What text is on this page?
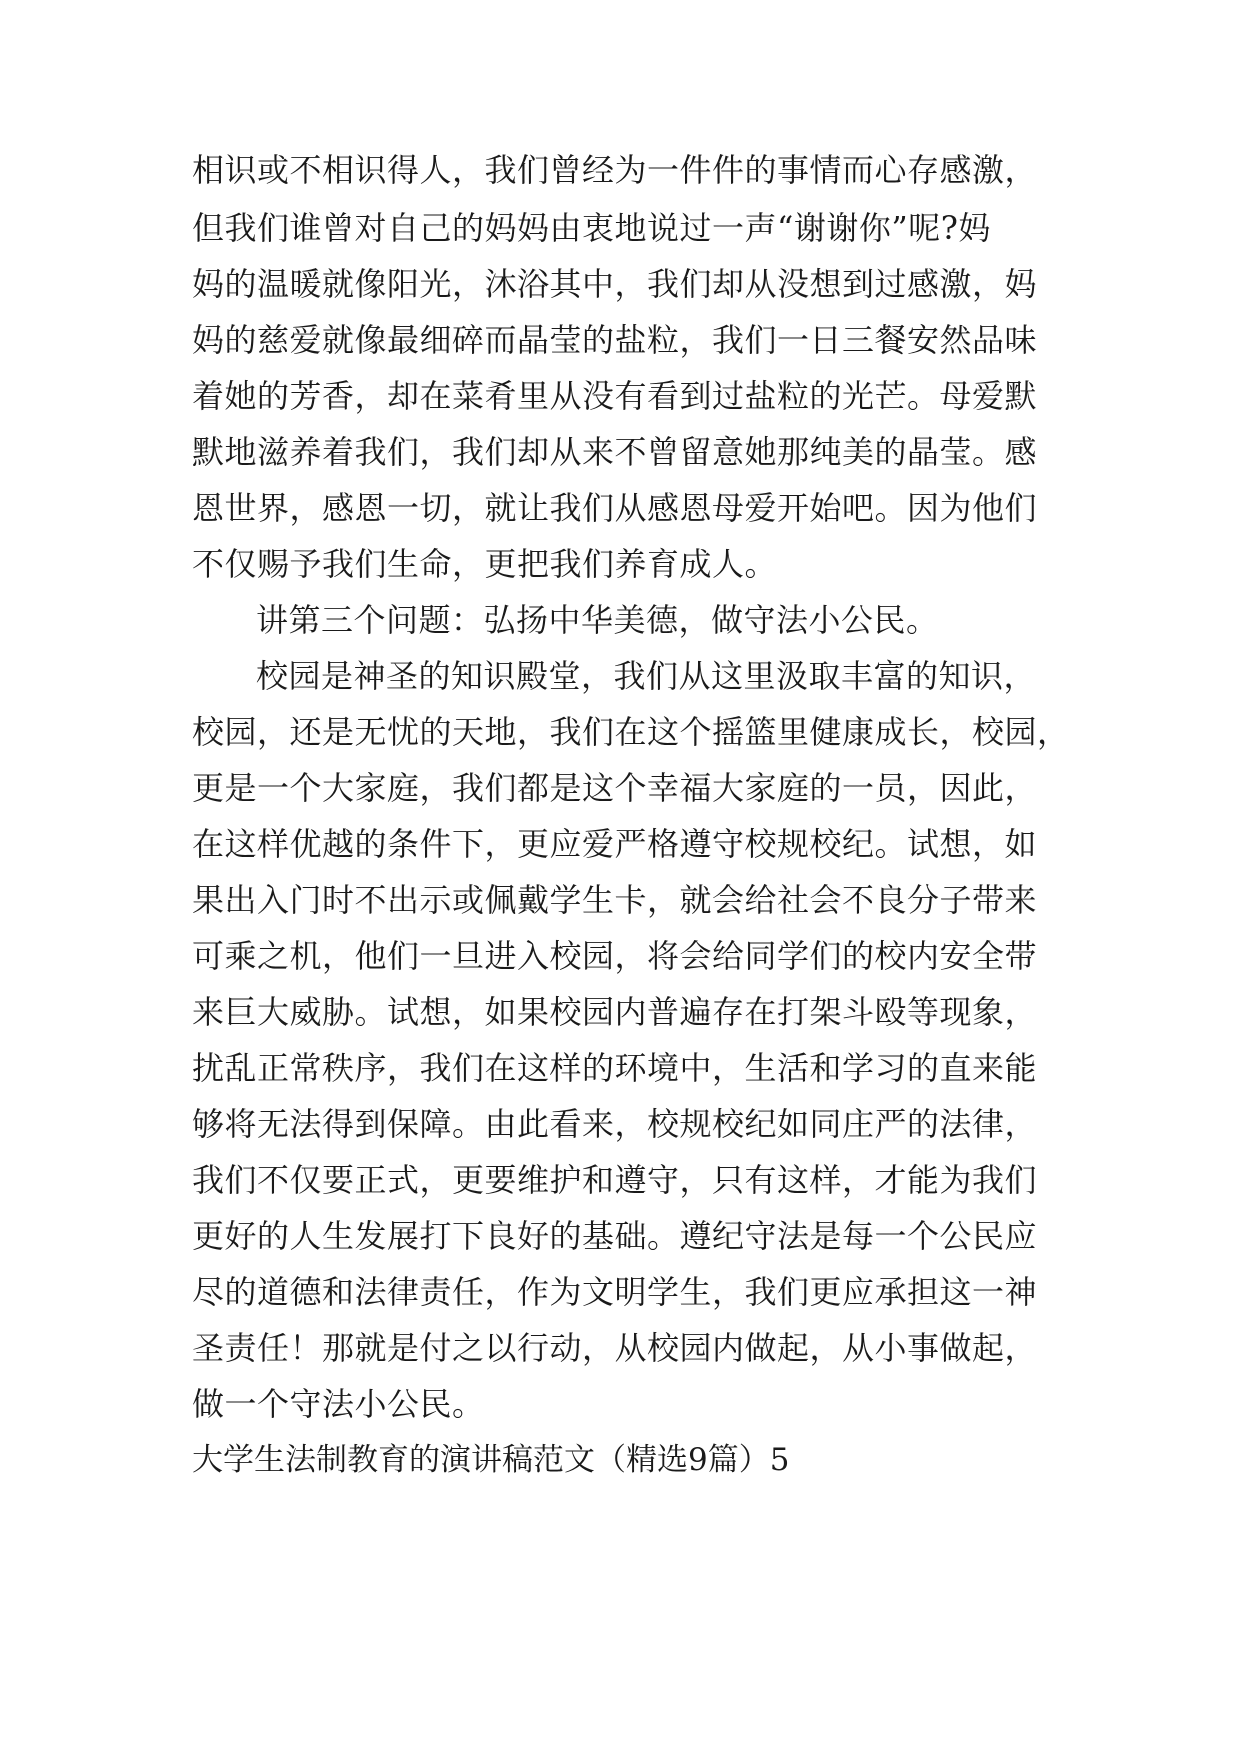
相识或不相识得人，我们曾经为一件件的事情而心存感激，
但我们谁曾对自己的妈妈由衷地说过一声“谢谢你”呢?妈
妈的温暖就像阳光，沐浴其中，我们却从没想到过感激，妈
妈的慈爱就像最细碎而晶莹的盐粒，我们一日三餐安然品味
着她的芳香，却在菜肴里从没有看到过盐粒的光芒。母爱默
默地滋养着我们，我们却从来不曾留意她那纯美的晶莹。感
恩世界，感恩一切，就让我们从感恩母爱开始吧。因为他们
不仅赐予我们生命，更把我们养育成人。
讲第三个问题：弘扬中华美德，做守法小公民。
校园是神圣的知识殿堂，我们从这里汲取丰富的知识，
校园，还是无忧的天地，我们在这个摇篮里健康成长，校园，
更是一个大家庭，我们都是这个幸福大家庭的一员，因此，
在这样优越的条件下，更应爱严格遵守校规校纪。试想，如
果出入门时不出示或佩戴学生卡，就会给社会不良分子带来
可乘之机，他们一旦进入校园，将会给同学们的校内安全带
来巨大威胁。试想，如果校园内普遍存在打架斗殴等现象，
扰乱正常秩序，我们在这样的环境中，生活和学习的直来能
够将无法得到保障。由此看来，校规校纪如同庄严的法律，
我们不仅要正式，更要维护和遵守，只有这样，才能为我们
更好的人生发展打下良好的基础。遵纪守法是每一个公民应
尽的道德和法律责任，作为文明学生，我们更应承担这一神
圣责任！那就是付之以行动，从校园内做起，从小事做起，
做一个守法小公民。
大学生法制教育的演讲稿范文（精选9篇）5
